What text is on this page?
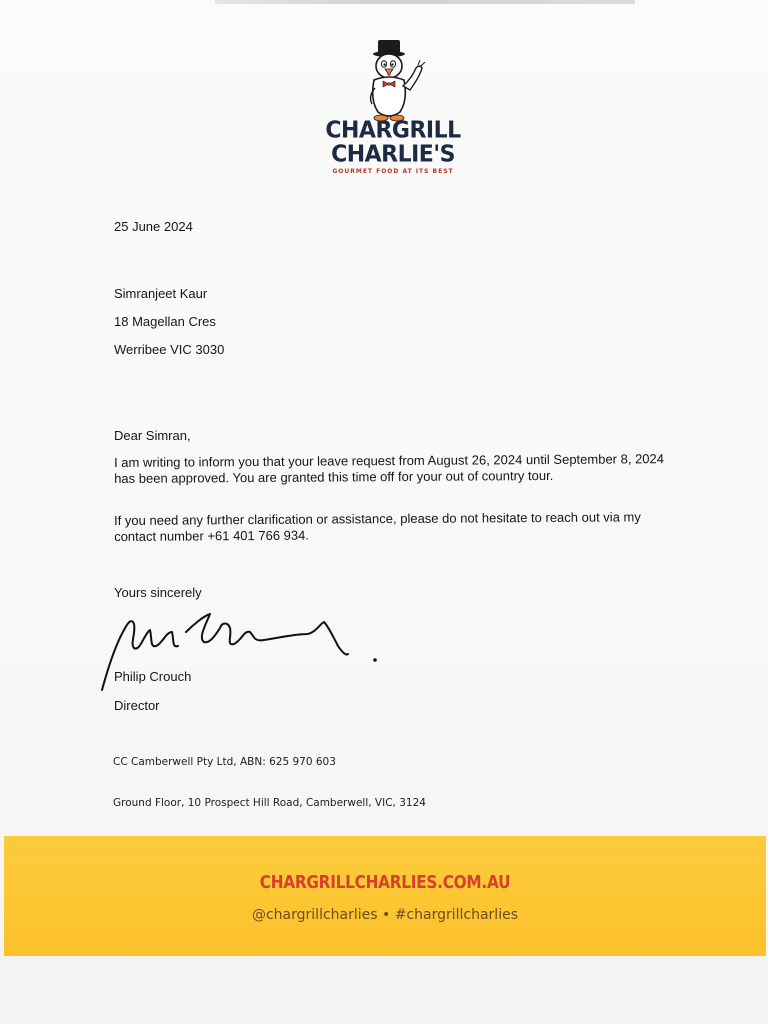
CHARGRILL
CHARLIE'S
GOURMET FOOD AT ITS BEST
25 June 2024
Simranjeet Kaur
18 Magellan Cres
Werribee VIC 3030
Dear Simran,
I am writing to inform you that your leave request from August 26, 2024 until September 8, 2024 has been approved. You are granted this time off for your out of country tour.
If you need any further clarification or assistance, please do not hesitate to reach out via my contact number +61 401 766 934.
Yours sincerely
Philip Crouch
Director
CC Camberwell Pty Ltd, ABN: 625 970 603
Ground Floor, 10 Prospect Hill Road, Camberwell, VIC, 3124
CHARGRILLCHARLIES.COM.AU
@chargrillcharlies • #chargrillcharlies
